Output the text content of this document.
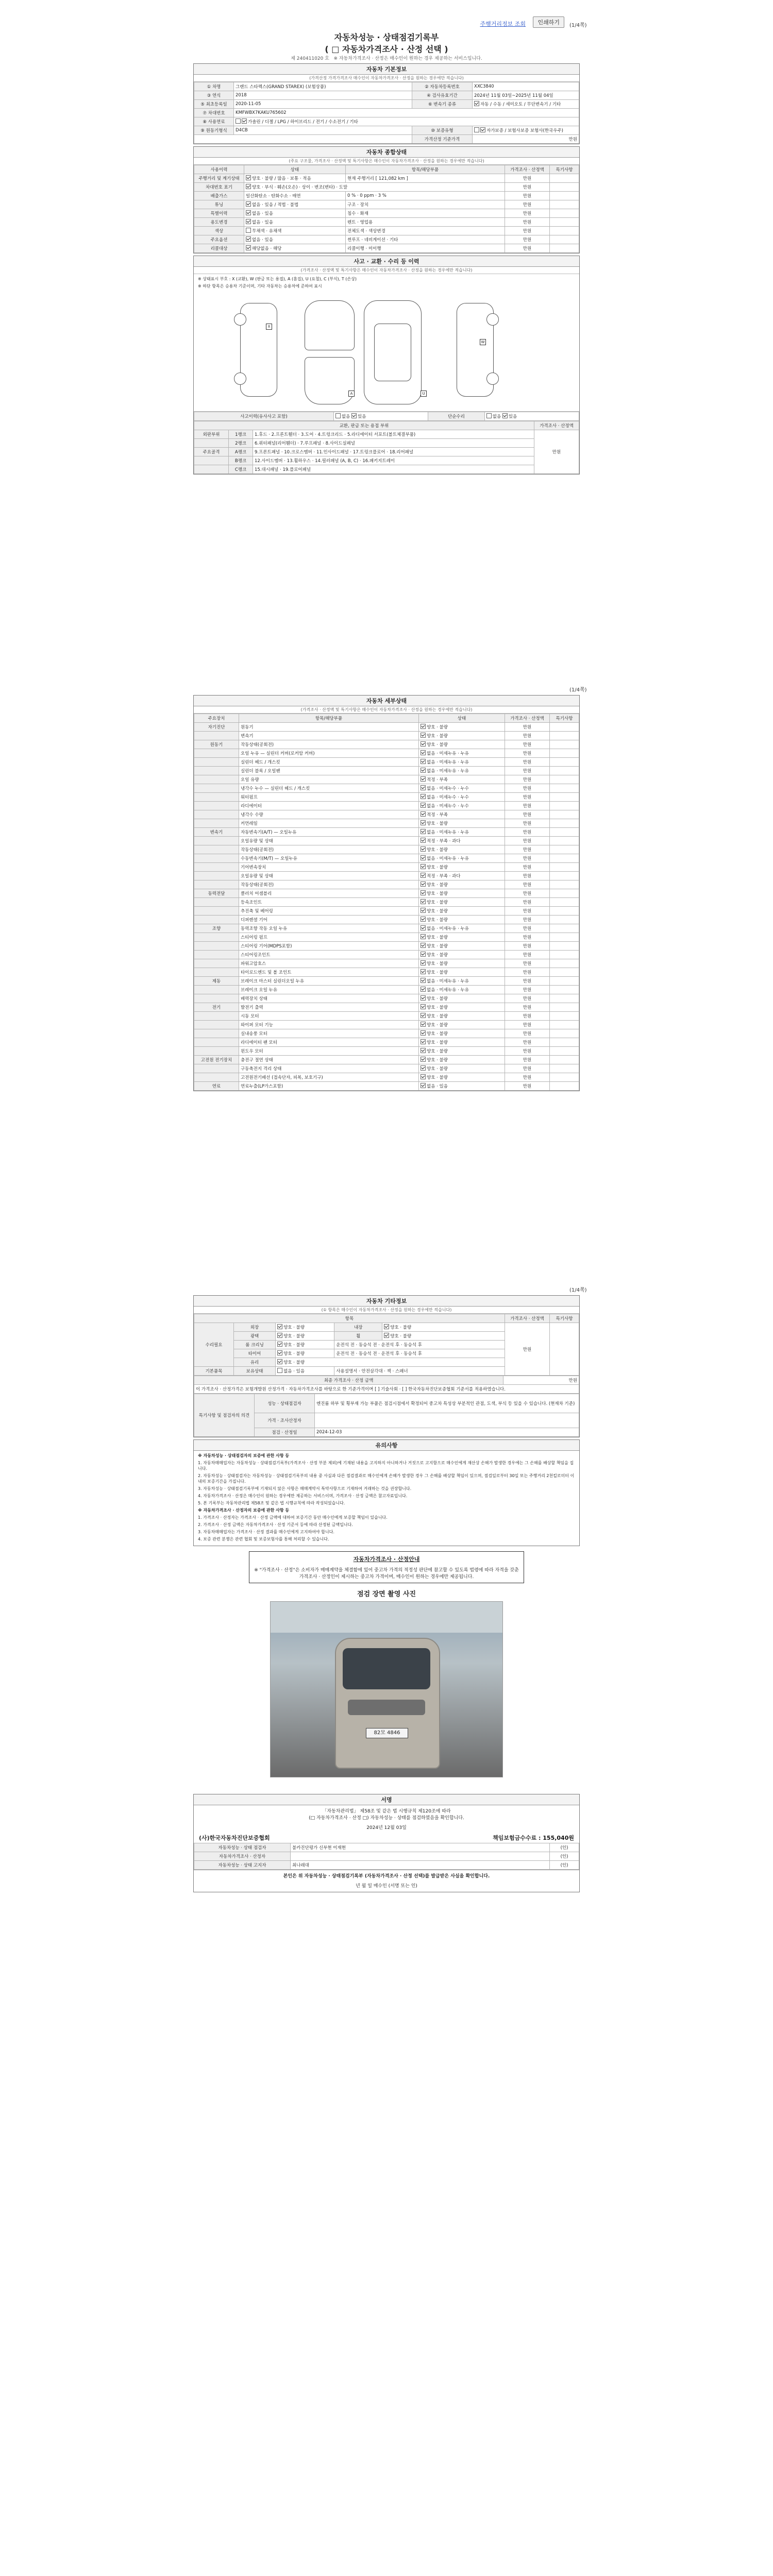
주행거리정보 조회	인쇄하기	(1/4쪽)
자동차성능 · 상태점검기록부
( □ 자동차가격조사 · 산정 선택 )
제 240411020 호 ※ 자동차가격조사 · 산정은 매수인이 원하는 경우 제공하는 서비스입니다.
자동차 기본정보
(가격산정 가격가격조사 매수인이 자동차가격조사 · 산정을 원하는 경우에만 적습니다)
① 차명	그랜드 스타렉스(GRAND STAREX) (보험상품)	② 자동차등록번호	XXC3840
③ 연식	2018	④ 검사유효기간	2024년 11월 03일~2025년 11월 04일
⑤ 최초등록일	2020-11-05	⑥ 변속기 종류	자동 / 수동 / 세미오토 / 무단변속기 / 기타
⑦ 차대번호	KMFWBX7KAKU765602		
⑧ 사용연료	가솔린 / 디젤 / LPG / 하이브리드 / 전기 / 수소전기 / 기타		
⑨ 원동기형식	D4CB	⑩ 보증유형	자가보증 / 보험사보증 보험사(한국우주)
		가격산정 기준가격	만원
자동차 종합상태
(주요 구조물, 가격조사 · 산정액 및 특기사항은 매수인이 자동차가격조사 · 산정을 원하는 경우에만 적습니다)
사용이력	상태	항목/해당부품	가격조사 · 산정액	특기사항
주행거리 및 계기상태	양호 · 불량 / 많음 · 보통 · 적음	현재 주행거리 [ 121,082 km ]	만원	
차대번호 표기	양호 · 부식 · 훼손(오손) · 상이 · 변조(변타) · 도말		만원	
배출가스	일산화탄소 · 탄화수소 · 매연	0 % · 0 ppm · 3 %	만원	
튜닝	없음 · 있음 / 적법 · 불법	구조 · 장치	만원	
특별이력	없음 · 있음	침수 · 화재	만원	
용도변경	없음 · 있음	렌트 · 영업용	만원	
색상	무채색 · 유채색	전체도색 · 색상변경	만원	
주요옵션	없음 · 있음	썬루프 · 네비게이션 · 기타	만원	
리콜대상	해당없음 · 해당	리콜이행 · 미이행	만원	
사고 · 교환 · 수리 등 이력
(가격조사 · 산정액 및 특기사항은 매수인이 자동차가격조사 · 산정을 원하는 경우에만 적습니다)

※ 상태표시 부호 : X (교환), W (판금 또는 용접), A (흠집), U (요철), C (부식), T (손상)

※ 하단 항목은 승용차 기준이며, 기타 자동차는 승용차에 준하여 표시

X
W
A	U
사고이력(유사사고 포함)	없음 있음	단순수리	없음 있음
교환, 판금 또는 용접 부위			가격조사 · 산정액
외판부위	1랭크	1.후드 · 2.프론트휀더 · 3.도어 · 4.트렁크리드 · 5.라디에이터 서포트(볼트체결부품)	만원
	2랭크	6.쿼터패널(리어휀더) · 7.루프패널 · 8.사이드실패널	
주요골격	A랭크	9.프론트패널 · 10.크로스멤버 · 11.인사이드패널 · 17.트렁크플로어 · 18.리어패널	
	B랭크	12.사이드멤버 · 13.휠하우스 · 14.필러패널 (A, B, C) · 16.패키지트레이	
	C랭크	15.대시패널 · 19.플로어패널	
(1/4쪽)
자동차 세부상태
(가격조사 · 산정액 및 특기사항은 매수인이 자동차가격조사 · 산정을 원하는 경우에만 적습니다)
주요장치	항목/해당부품	상태	가격조사 · 산정액	특기사항
자기진단	원동기	양호 · 불량	만원	
	변속기	양호 · 불량	만원	
원동기	작동상태(공회전)	양호 · 불량	만원	
	오일 누유 — 실린더 커버(로커암 커버)	없음 · 미세누유 · 누유	만원	
	실린더 헤드 / 개스킷	없음 · 미세누유 · 누유	만원	
	실린더 블록 / 오일팬	없음 · 미세누유 · 누유	만원	
	오일 유량	적정 · 부족	만원	
	냉각수 누수 — 실린더 헤드 / 개스킷	없음 · 미세누수 · 누수	만원	
	워터펌프	없음 · 미세누수 · 누수	만원	
	라디에이터	없음 · 미세누수 · 누수	만원	
	냉각수 수량	적정 · 부족	만원	
	커먼레일	양호 · 불량	만원	
변속기	자동변속기(A/T) — 오일누유	없음 · 미세누유 · 누유	만원	
	오일유량 및 상태	적정 · 부족 · 과다	만원	
	작동상태(공회전)	양호 · 불량	만원	
	수동변속기(M/T) — 오일누유	없음 · 미세누유 · 누유	만원	
	기어변속장치	양호 · 불량	만원	
	오일유량 및 상태	적정 · 부족 · 과다	만원	
	작동상태(공회전)	양호 · 불량	만원	
동력전달	클러치 어셈블리	양호 · 불량	만원	
	등속조인트	양호 · 불량	만원	
	추진축 및 베어링	양호 · 불량	만원	
	디퍼렌셜 기어	양호 · 불량	만원	
조향	동력조향 작동 오일 누유	없음 · 미세누유 · 누유	만원	
	스티어링 펌프	양호 · 불량	만원	
	스티어링 기어(MDPS포함)	양호 · 불량	만원	
	스티어링조인트	양호 · 불량	만원	
	파워고압호스	양호 · 불량	만원	
	타이로드엔드 및 볼 조인트	양호 · 불량	만원	
제동	브레이크 마스터 실린더오일 누유	없음 · 미세누유 · 누유	만원	
	브레이크 오일 누유	없음 · 미세누유 · 누유	만원	
	배력장치 상태	양호 · 불량	만원	
전기	발전기 출력	양호 · 불량	만원	
	시동 모터	양호 · 불량	만원	
	와이퍼 모터 기능	양호 · 불량	만원	
	실내송풍 모터	양호 · 불량	만원	
	라디에이터 팬 모터	양호 · 불량	만원	
	윈도우 모터	양호 · 불량	만원	
고전원 전기장치	충전구 절연 상태	양호 · 불량	만원	
	구동축전지 격리 상태	양호 · 불량	만원	
	고전원전기배선 (접속단자, 피복, 보호기구)	양호 · 불량	만원	
연료	연료누출(LP가스포함)	없음 · 있음	만원	
(1/4쪽)
자동차 기타정보
(① 항목은 매수인이 자동차가격조사 · 산정을 원하는 경우에만 적습니다)
항목					가격조사 · 산정액	특기사항
수리필요	외장	양호 · 불량	내장	양호 · 불량	만원	
	광택	양호 · 불량	휠	양호 · 불량		
	룸 크리닝	양호 · 불량	운전석 전 · 동승석 전 · 운전석 후 · 동승석 후			
	타이어	양호 · 불량	운전석 전 · 동승석 전 · 운전석 후 · 동승석 후			
	유리	양호 · 불량				
기본품목	보유상태	없음 · 있음	사용설명서 · 안전삼각대 · 잭 · 스패너			
최종 가격조사 · 산정 금액	만원
이 가격조사 · 산정가격은 보험개발원 산정가격 · 자동차가격조사를 바탕으로 한 기준가격이며 [ ] 기술사회 · [ ] 한국자동차진단보증협회 기준서를 적용하였습니다.
특기사항 및 점검자의 의견	성능 · 상태점검자	엔진룸 하부 및 횡부재 가능 부품은 점검시점에서 확정되어 중고차 특성상 부분적인 관점, 도색, 부식 등 있을 수 있습니다. (현재차 기준)
	가격 · 조사산정자	
	점검 · 산정일	2024-12-03
유의사항

※ 자동차성능 · 상태점검자의 보증에 관한 사항 등

1. 자동차매매업자는 자동차성능 · 상태점검기록부(가격조사 · 산정 부분 제외)에 기재된 내용을 고지하지 아니하거나 거짓으로 고지함으로 매수인에게 재산상 손해가 발생한 경우에는 그 손해를 배상할 책임을 집니다.

2. 자동차성능 · 상태점검자는 자동차성능 · 상태점검기록부의 내용 중 사실과 다른 점검결과로 매수인에게 손해가 발생한 경우 그 손해를 배상할 책임이 있으며, 점검일로부터 30일 또는 주행거리 2천킬로미터 이내의 보증기간을 가집니다.

3. 자동차성능 · 상태점검기록부에 기재되지 않은 사항은 매매계약서 특약사항으로 기재하여 거래하는 것을 권장합니다.

4. 자동차가격조사 · 산정은 매수인이 원하는 경우에만 제공하는 서비스이며, 가격조사 · 산정 금액은 참고자료입니다.

5. 본 기록부는 자동차관리법 제58조 및 같은 법 시행규칙에 따라 작성되었습니다.

※ 자동차가격조사 · 산정자의 보증에 관한 사항 등

1. 가격조사 · 산정자는 가격조사 · 산정 금액에 대하여 보증기간 동안 매수인에게 보증할 책임이 있습니다.

2. 가격조사 · 산정 금액은 자동차가격조사 · 산정 기준서 등에 따라 산정된 금액입니다.

3. 자동차매매업자는 가격조사 · 산정 결과를 매수인에게 고지하여야 합니다.

4. 보증 관련 분쟁은 관련 협회 및 보증보험사를 통해 처리할 수 있습니다.

자동차가격조사 · 산정안내
※ "가격조사 · 산정"은 소비자가 매매계약을 체결함에 있어 중고차 가격의 적정성 판단에 참고할 수 있도록 법령에 따라 자격을 갖춘 가격조사 · 산정인이 제시하는 중고차 가격이며, 매수인이 원하는 경우에만 제공됩니다.
점검 장면 촬영 사진
82모 4846
서명
「자동차관리법」 제58조 및 같은 법 시행규칙 제120조에 따라
(□ 자동차가격조사 · 산정 □) 자동차성능 · 상태를 점검하였음을 확인합니다.
2024년 12월 03일
(사)한국자동차진단보증협회	책임보험금수수료 : 155,040원
자동차성능 · 상태 점검자	불카진단평가 신부현 이재현	(인)
자동차가격조사 · 산정자		(인)
자동차성능 · 상태 고지자	최나래대	(인)
본인은 위 자동차성능 · 상태점검기록부 (자동차가격조사 · 산정 선택)를 발급받은 사실을 확인합니다.
년 월 일 매수인 (서명 또는 인)
